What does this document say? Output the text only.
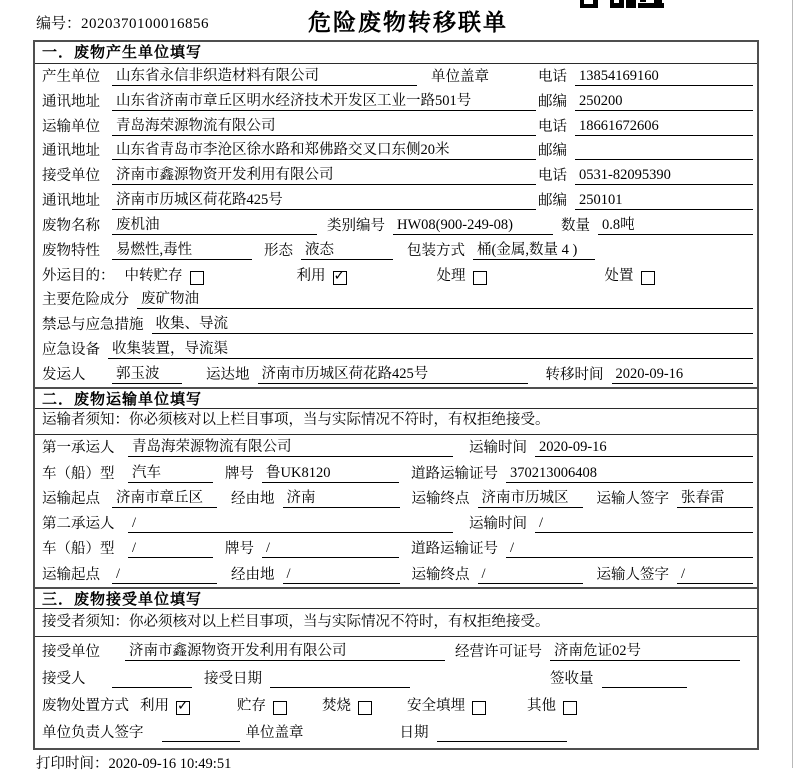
编号：2020370100016856	危险废物转移联单
一．废物产生单位填写
产生单位	山东省永信非织造材料有限公司	单位盖章	电话 13854169160
通讯地址	山东省济南市章丘区明水经济技术开发区工业一路501号	邮编 250200
运输单位	青岛海荣源物流有限公司	电话 18661672606
通讯地址	山东省青岛市李沧区徐水路和郑佛路交叉口东侧20米	邮编
接受单位	济南市鑫源物资开发利用有限公司	电话 0531-82095390
通讯地址	济南市历城区荷花路425号	邮编 250101
废物名称	废机油	类别编号 HW08(900-249-08)	数量 0.8吨
废物特性	易燃性,毒性	形态 液态	包装方式 桶(金属,数量 4 )
外运目的： 中转贮存	利用 ✓	处理	处置
主要危险成分 废矿物油
禁忌与应急措施 收集、导流
应急设备 收集装置，导流渠
发运人	郭玉波	运达地 济南市历城区荷花路425号	转移时间 2020-09-16
二．废物运输单位填写
运输者须知：你必须核对以上栏目事项，当与实际情况不符时，有权拒绝接受。
第一承运人	青岛海荣源物流有限公司	运输时间 2020-09-16
车（船）型	汽车	牌号 鲁UK8120	道路运输证号 370213006408
运输起点	济南市章丘区	经由地 济南	运输终点 济南市历城区	运输人签字 张春雷
第二承运人	/	运输时间 /
车（船）型	/	牌号 /	道路运输证号 /
运输起点	/	经由地 /	运输终点 /	运输人签字 /
三．废物接受单位填写
接受者须知：你必须核对以上栏目事项，当与实际情况不符时，有权拒绝接受。
接受单位	济南市鑫源物资开发利用有限公司	经营许可证号 济南危证02号
接受人	接受日期	签收量
废物处置方式 利用 ✓	贮存	焚烧	安全填埋	其他
单位负责人签字	单位盖章	日期
打印时间：2020-09-16 10:49:51
